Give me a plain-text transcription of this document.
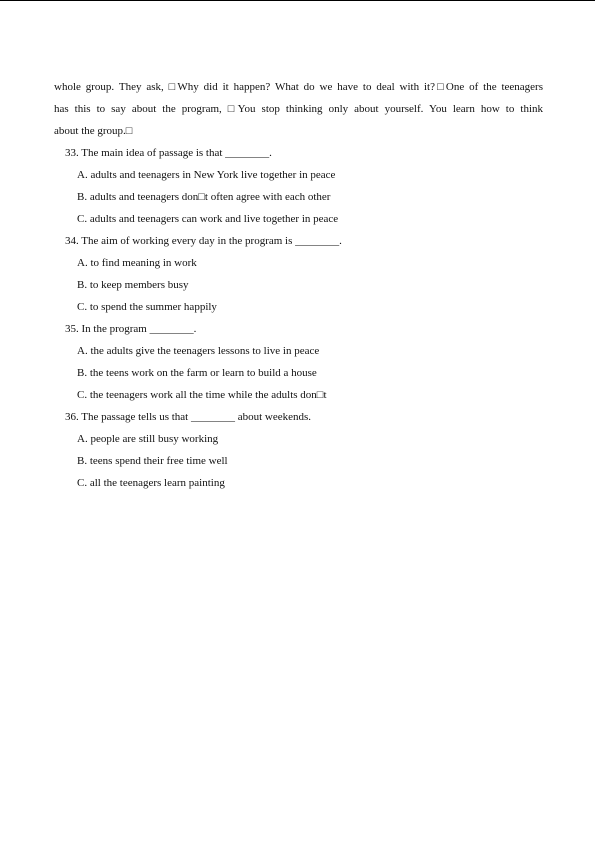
whole group. They ask, □Why did it happen? What do we have to deal with it?□One of the teenagers
has this to say about the program, □You stop thinking only about yourself. You learn how to think
about the group.□
33. The main idea of passage is that ________.
A. adults and teenagers in New York live together in peace
B. adults and teenagers don□t often agree with each other
C. adults and teenagers can work and live together in peace
34. The aim of working every day in the program is ________.
A. to find meaning in work
B. to keep members busy
C. to spend the summer happily
35. In the program ________.
A. the adults give the teenagers lessons to live in peace
B. the teens work on the farm or learn to build a house
C. the teenagers work all the time while the adults don□t
36. The passage tells us that ________ about weekends.
A. people are still busy working
B. teens spend their free time well
C. all the teenagers learn painting
